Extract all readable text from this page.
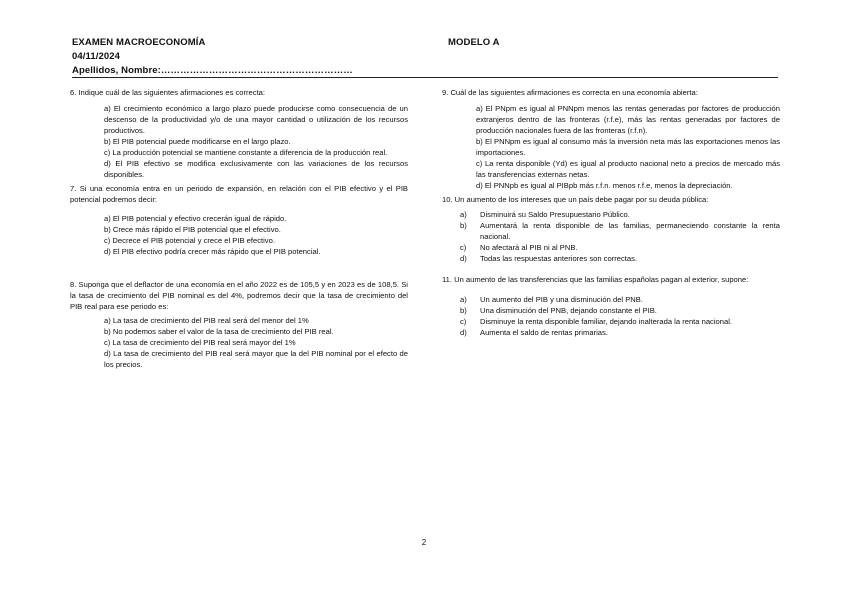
EXAMEN MACROECONOMÍA	MODELO A
04/11/2024
Apellidos, Nombre:……………………………………………………

6. Indique cuál de las siguientes afirmaciones es correcta:

a) El crecimiento económico a largo plazo puede producirse como consecuencia de un descenso de la productividad y/o de una mayor cantidad o utilización de los recursos productivos.

b) El PIB potencial puede modificarse en el largo plazo.

c) La producción potencial se mantiene constante a diferencia de la producción real.

d) El PIB efectivo se modifica exclusivamente con las variaciones de los recursos disponibles.

7. Si una economía entra en un periodo de expansión, en relación con el PIB efectivo y el PIB potencial podremos decir:

a) El PIB potencial y efectivo crecerán igual de rápido.

b) Crece más rápido el PIB potencial que el efectivo.

c) Decrece el PIB potencial y crece el PIB efectivo.

d) El PIB efectivo podría crecer más rápido que el PIB potencial.

8. Suponga que el deflactor de una economía en el año 2022 es de 105,5 y en 2023 es de 108,5. Si la tasa de crecimiento del PIB nominal es del 4%, podremos decir que la tasa de crecimiento del PIB real para ese periodo es:

a) La tasa de crecimiento del PIB real será del menor del 1%

b) No podemos saber el valor de la tasa de crecimiento del PIB real.

c) La tasa de crecimiento del PIB real será mayor del 1%

d) La tasa de crecimiento del PIB real será mayor que la del PIB nominal por el efecto de los precios.

9. Cuál de las siguientes afirmaciones es correcta en una economía abierta:

a) El PNpm es igual al PNNpm menos las rentas generadas por factores de producción extranjeros dentro de las fronteras (r.f.e), más las rentas generadas por factores de producción nacionales fuera de las fronteras (r.f.n).

b) El PNNpm es igual al consumo más la inversión neta más las exportaciones menos las importaciones.

c) La renta disponible (Yd) es igual al producto nacional neto a precios de mercado más las transferencias externas netas.

d) El PNNpb es igual al PIBpb más r.f.n. menos r.f.e, menos la depreciación.

10. Un aumento de los intereses que un país debe pagar por su deuda pública:

a)	Disminuirá su Saldo Presupuestario Público.
b)	Aumentará la renta disponible de las familias, permaneciendo constante la renta nacional.
c)	No afectará al PIB ni al PNB.
d)	Todas las respuestas anteriores son correctas.

11. Un aumento de las transferencias que las familias españolas pagan al exterior, supone:

a)	Un aumento del PIB y una disminución del PNB.
b)	Una disminución del PNB, dejando constante el PIB.
c)	Disminuye la renta disponible familiar, dejando inalterada la renta nacional.
d)	Aumenta el saldo de rentas primarias.
2
